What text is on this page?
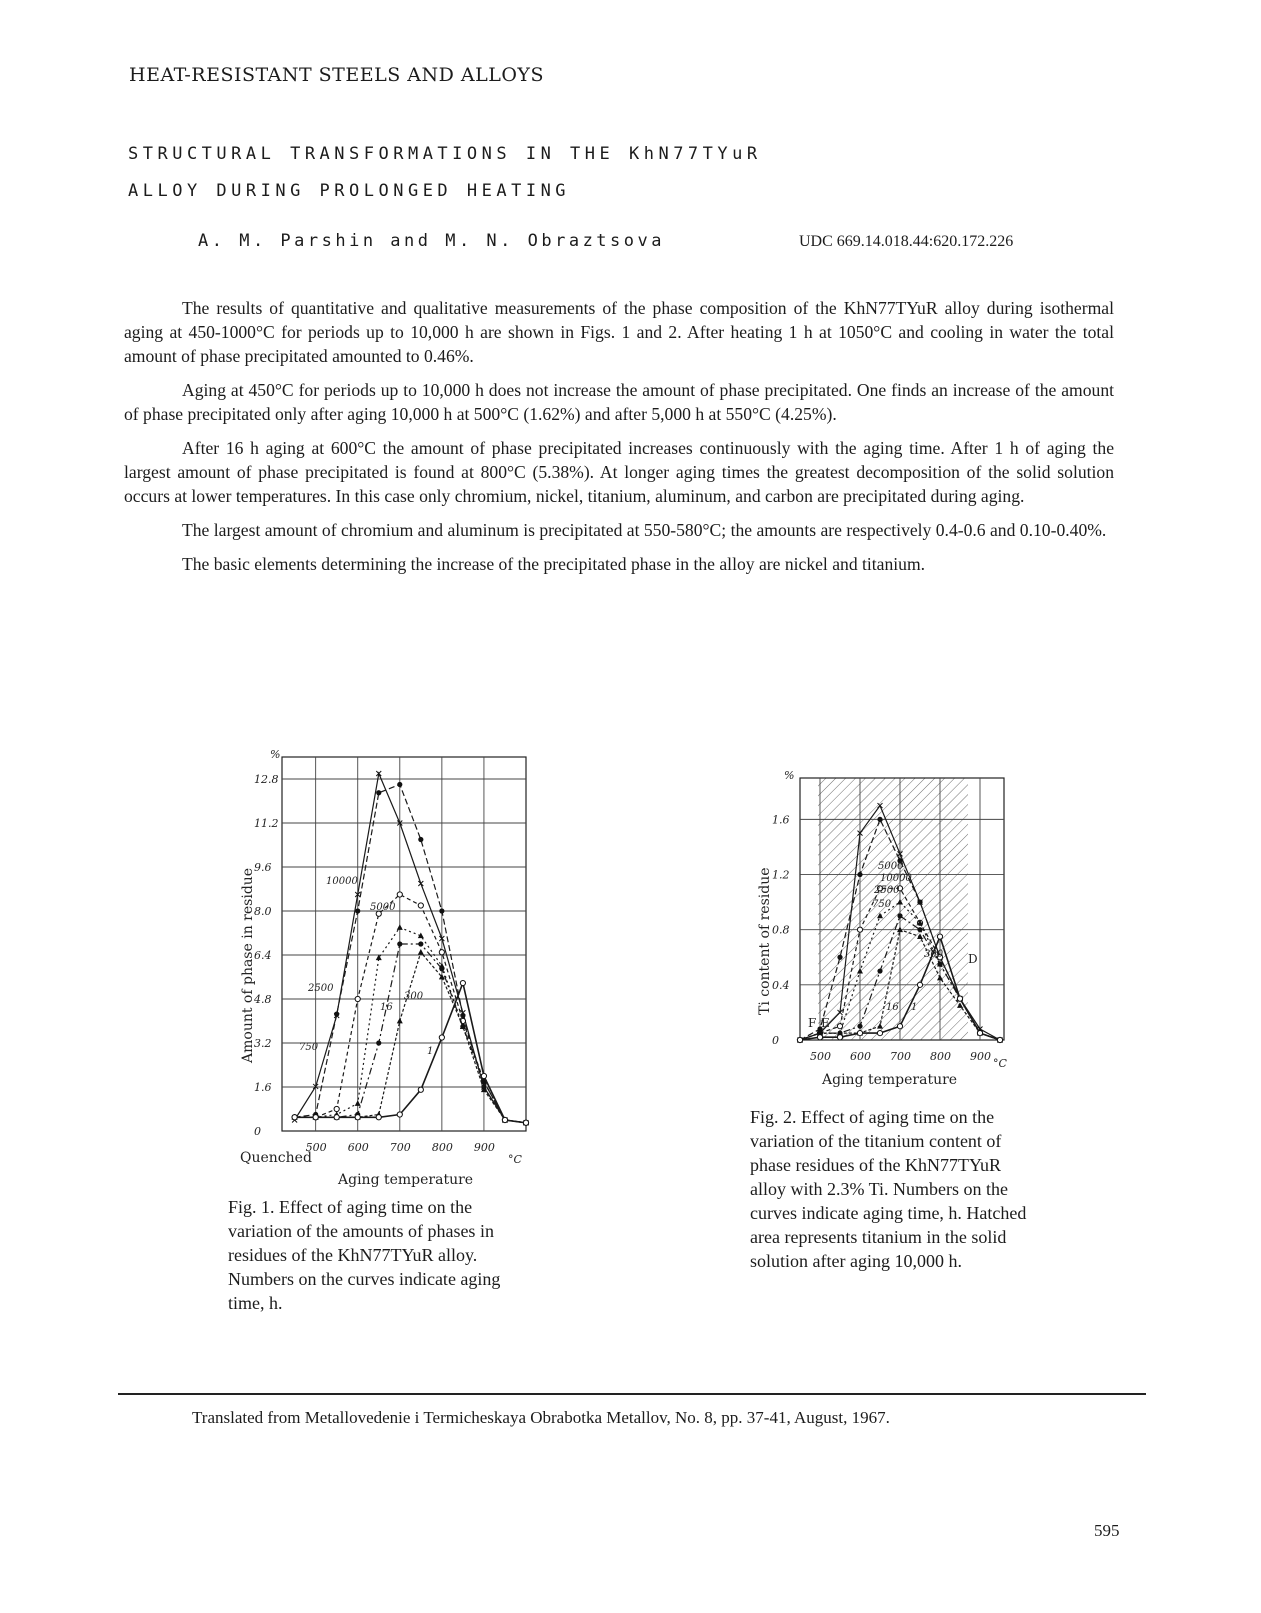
HEAT-RESISTANT STEELS AND ALLOYS
STRUCTURAL TRANSFORMATIONS IN THE KhN77TYuR
ALLOY DURING PROLONGED HEATING
A. M. Parshin and M. N. Obraztsova	UDC 669.14.018.44:620.172.226

The results of quantitative and qualitative measurements of the phase composition of the KhN77TYuR alloy during isothermal aging at 450-1000°C for periods up to 10,000 h are shown in Figs. 1 and 2. After heating 1 h at 1050°C and cooling in water the total amount of phase precipitated amounted to 0.46%.

Aging at 450°C for periods up to 10,000 h does not increase the amount of phase precipitated. One finds an increase of the amount of phase precipitated only after aging 10,000 h at 500°C (1.62%) and after 5,000 h at 550°C (4.25%).

After 16 h aging at 600°C the amount of phase precipitated increases continuously with the aging time. After 1 h of aging the largest amount of phase precipitated is found at 800°C (5.38%). At longer aging times the greatest decomposition of the solid solution occurs at lower temperatures. In this case only chromium, nickel, titanium, aluminum, and carbon are precipitated during aging.

The largest amount of chromium and aluminum is precipitated at 550-580°C; the amounts are respectively 0.4-0.6 and 0.10-0.40%.

The basic elements determining the increase of the precipitated phase in the alloy are nickel and titanium.

500 600 700 800 900
0
1.6
3.2
4.8
6.4
8.0
9.6
11.2
12.8
%
°C
Quenched
Aging temperature
Amount of phase in residue	10000
5000
2500
300
16
750	1	500 600 700 800 900
0
0.4
0.8
1.2
1.6
%
°C
Aging temperature
Ti content of residue
5000
10000
2500
750
300
16 1
F E
D
Fig. 1. Effect of aging time on the variation of the amounts of phases in residues of the KhN77TYuR alloy. Numbers on the curves indicate aging time, h.
Fig. 2. Effect of aging time on the variation of the titanium content of phase residues of the KhN77TYuR alloy with 2.3% Ti. Numbers on the curves indicate aging time, h. Hatched area represents titanium in the solid solution after aging 10,000 h.
Translated from Metallovedenie i Termicheskaya Obrabotka Metallov, No. 8, pp. 37-41, August, 1967.
595
